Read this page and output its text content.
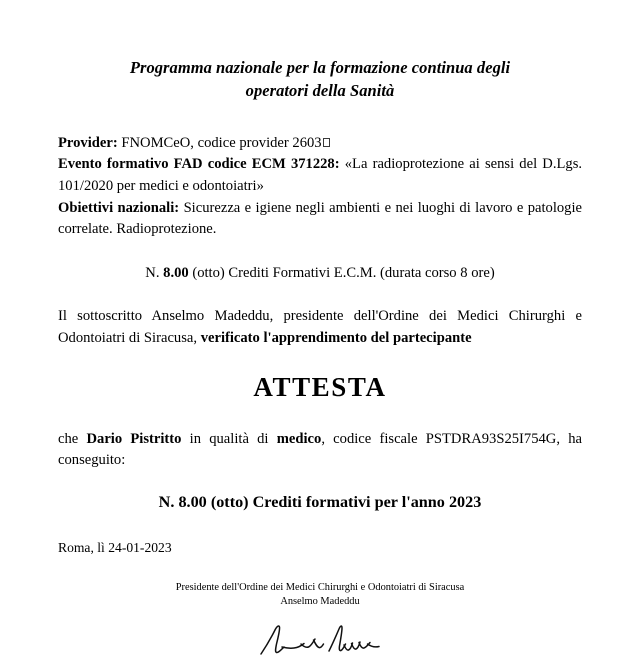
Programma nazionale per la formazione continua degli
operatori della Sanità

Provider: FNOMCeO, codice provider 2603

Evento formativo FAD codice ECM 371228: «La radioprotezione ai sensi del D.Lgs. 101/2020 per medici e odontoiatri»

Obiettivi nazionali: Sicurezza e igiene negli ambienti e nei luoghi di lavoro e patologie correlate. Radioprotezione.

N. 8.00 (otto) Crediti Formativi E.C.M. (durata corso 8 ore)

Il sottoscritto Anselmo Madeddu, presidente dell'Ordine dei Medici Chirurghi e Odontoiatri di Siracusa, verificato l'apprendimento del partecipante

ATTESTA

che Dario Pistritto in qualità di medico, codice fiscale PSTDRA93S25I754G, ha conseguito:

N. 8.00 (otto) Crediti formativi per l'anno 2023
Roma, lì 24-01-2023
Presidente dell'Ordine dei Medici Chirurghi e Odontoiatri di Siracusa
Anselmo Madeddu
